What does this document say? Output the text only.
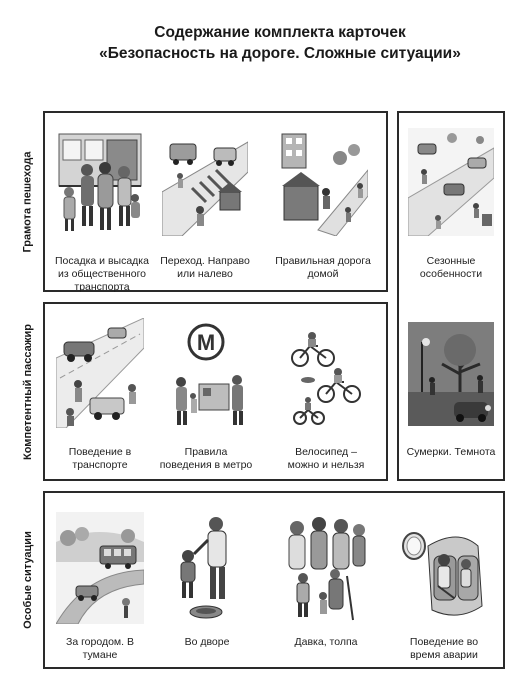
Содержание комплекта карточек
«Безопасность на дороге. Сложные ситуации»
Грамота пешехода
Компетентный пассажир
Особые ситуации
Посадка и высадка
из общественного
транспорта
Переход. Направо
или налево
Правильная дорога
домой
Поведение в
транспорте
М
Правила
поведения в метро
Велосипед –
можно и нельзя
Сезонные
особенности
Сумерки. Темнота
За городом. В
тумане
Во дворе	Давка, толпа	Поведение во
время аварии
